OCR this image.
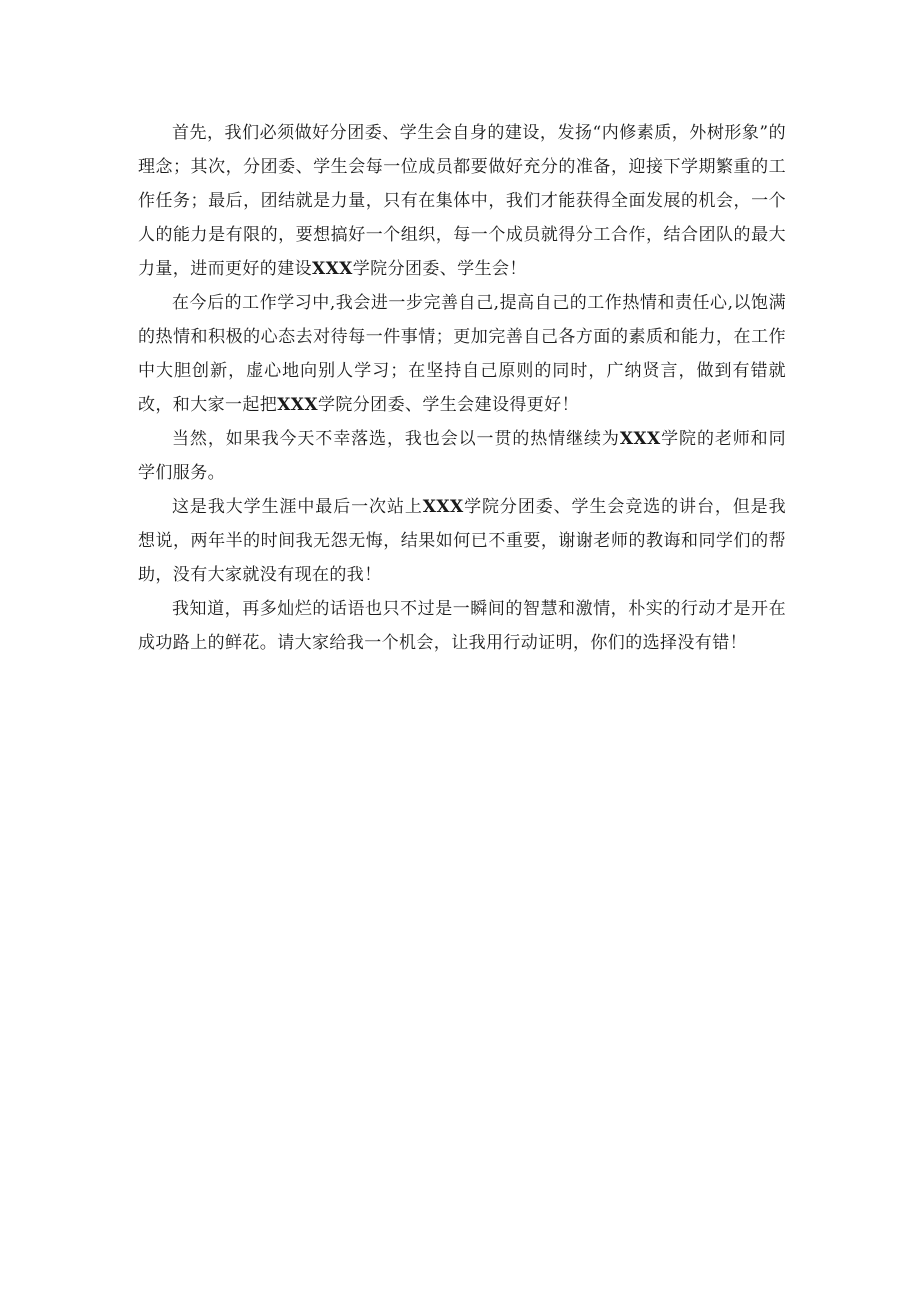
首先，我们必须做好分团委、学生会自身的建设，发扬“内修素质，外树形象”的理念；其次，分团委、学生会每一位成员都要做好充分的准备，迎接下学期繁重的工作任务；最后，团结就是力量，只有在集体中，我们才能获得全面发展的机会，一个人的能力是有限的，要想搞好一个组织，每一个成员就得分工合作，结合团队的最大力量，进而更好的建设XXX学院分团委、学生会！

在今后的工作学习中,我会进一步完善自己,提高自己的工作热情和责任心,以饱满的热情和积极的心态去对待每一件事情；更加完善自己各方面的素质和能力，在工作中大胆创新，虚心地向别人学习；在坚持自己原则的同时，广纳贤言，做到有错就改，和大家一起把XXX学院分团委、学生会建设得更好！

当然，如果我今天不幸落选，我也会以一贯的热情继续为XXX学院的老师和同学们服务。

这是我大学生涯中最后一次站上XXX学院分团委、学生会竞选的讲台，但是我想说，两年半的时间我无怨无悔，结果如何已不重要，谢谢老师的教诲和同学们的帮助，没有大家就没有现在的我！

我知道，再多灿烂的话语也只不过是一瞬间的智慧和激情，朴实的行动才是开在成功路上的鲜花。请大家给我一个机会，让我用行动证明，你们的选择没有错！
